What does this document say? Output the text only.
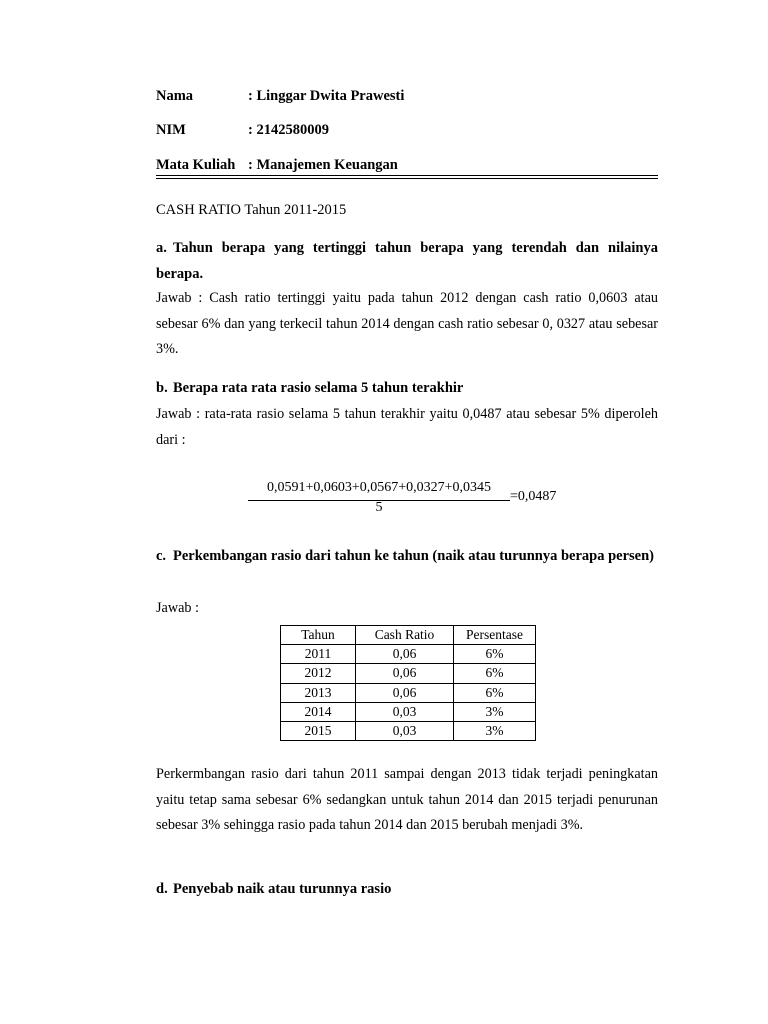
Nama	: Linggar Dwita Prawesti
NIM	: 2142580009
Mata Kuliah : Manajemen Keuangan
CASH RATIO Tahun 2011-2015
a. Tahun berapa yang tertinggi tahun berapa yang terendah dan nilainya berapa.
Jawab : Cash ratio tertinggi yaitu pada tahun 2012 dengan cash ratio 0,0603 atau sebesar 6% dan yang terkecil tahun 2014 dengan cash ratio sebesar 0, 0327 atau sebesar 3%.
b. Berapa rata rata rasio selama 5 tahun terakhir
Jawab : rata-rata rasio selama 5 tahun terakhir yaitu 0,0487 atau sebesar 5% diperoleh dari :
0,0591+0,0603+0,0567+0,0327+0,0345
5
=0,0487
c. Perkembangan rasio dari tahun ke tahun (naik atau turunnya berapa persen)
Jawab :
Tahun	Cash Ratio	Persentase
2011	0,06	6%
2012	0,06	6%
2013	0,06	6%
2014	0,03	3%
2015	0,03	3%
Perkermbangan rasio dari tahun 2011 sampai dengan 2013 tidak terjadi peningkatan yaitu tetap sama sebesar 6% sedangkan untuk tahun 2014 dan 2015 terjadi penurunan sebesar 3% sehingga rasio pada tahun 2014 dan 2015 berubah menjadi 3%.
d. Penyebab naik atau turunnya rasio
